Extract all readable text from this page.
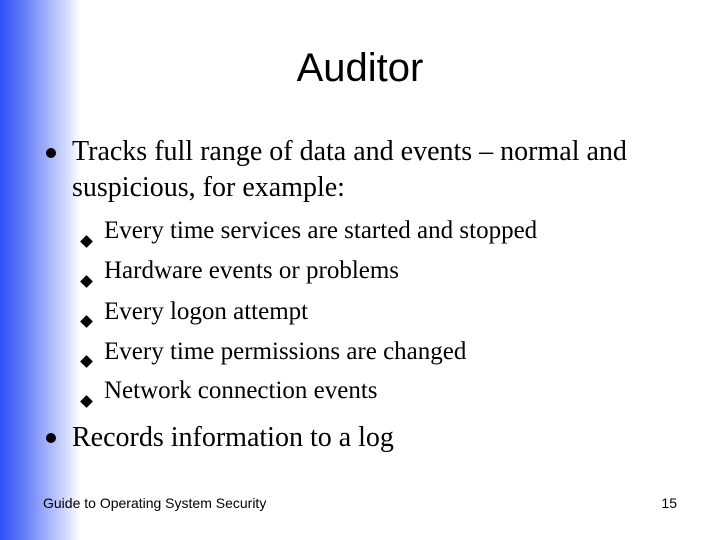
Auditor
Tracks full range of data and events – normal and suspicious, for example:
Every time services are started and stopped
Hardware events or problems
Every logon attempt
Every time permissions are changed
Network connection events
Records information to a log
Guide to Operating System Security	15
